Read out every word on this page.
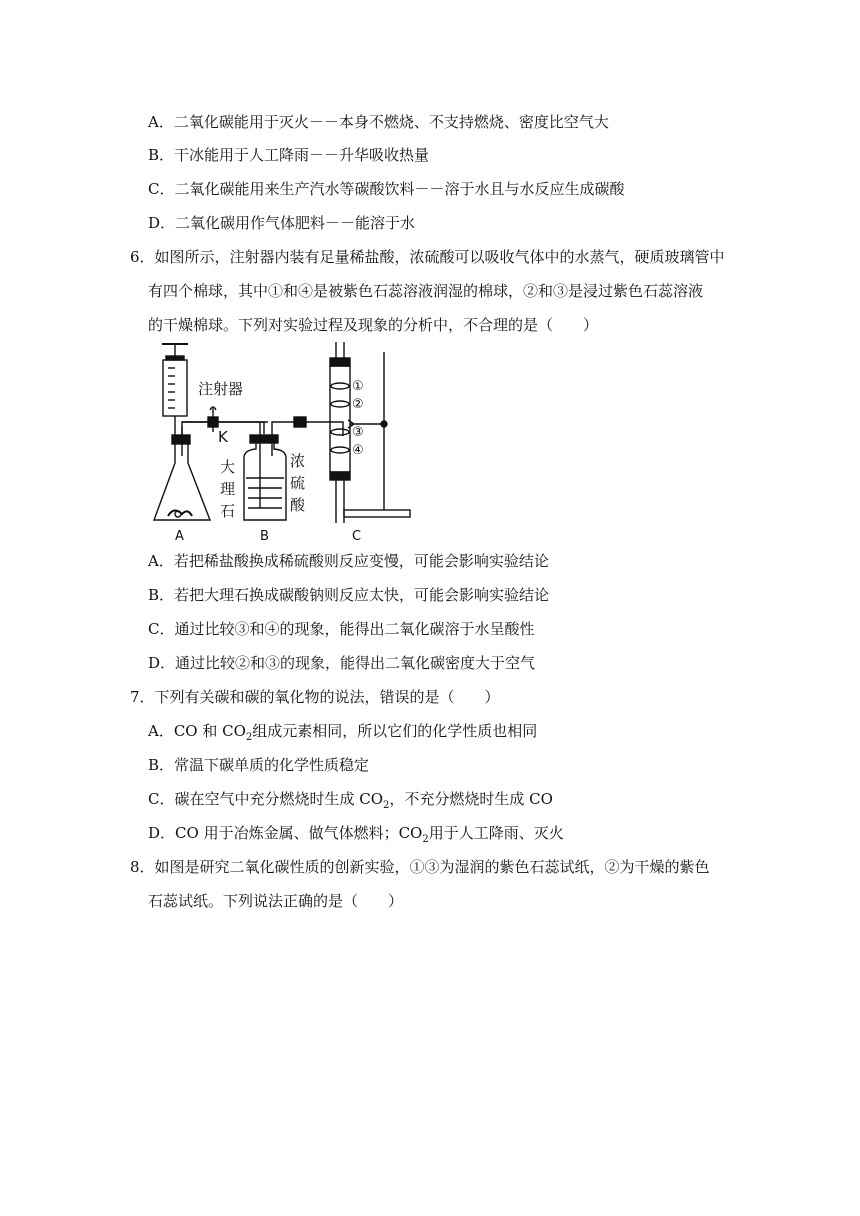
A．二氧化碳能用于灭火－－本身不燃烧、不支持燃烧、密度比空气大
B．干冰能用于人工降雨－－升华吸收热量
C．二氧化碳能用来生产汽水等碳酸饮料－－溶于水且与水反应生成碳酸
D．二氧化碳用作气体肥料－－能溶于水
6．如图所示，注射器内装有足量稀盐酸，浓硫酸可以吸收气体中的水蒸气，硬质玻璃管中
有四个棉球，其中①和④是被紫色石蕊溶液润湿的棉球，②和③是浸过紫色石蕊溶液
的干燥棉球。下列对实验过程及现象的分析中，不合理的是（　　）
注射器
K
大
理
石
浓
硫
酸
A	B	C
①
②
③
④
A．若把稀盐酸换成稀硫酸则反应变慢，可能会影响实验结论
B．若把大理石换成碳酸钠则反应太快，可能会影响实验结论
C．通过比较③和④的现象，能得出二氧化碳溶于水呈酸性
D．通过比较②和③的现象，能得出二氧化碳密度大于空气
7．下列有关碳和碳的氧化物的说法，错误的是（　　）
A．CO 和 $CO_2$组成元素相同，所以它们的化学性质也相同
B．常温下碳单质的化学性质稳定
C．碳在空气中充分燃烧时生成 $CO_2$，不充分燃烧时生成 CO
D．CO 用于冶炼金属、做气体燃料；$CO_2$用于人工降雨、灭火
8．如图是研究二氧化碳性质的创新实验，①③为湿润的紫色石蕊试纸，②为干燥的紫色
石蕊试纸。下列说法正确的是（　　）
